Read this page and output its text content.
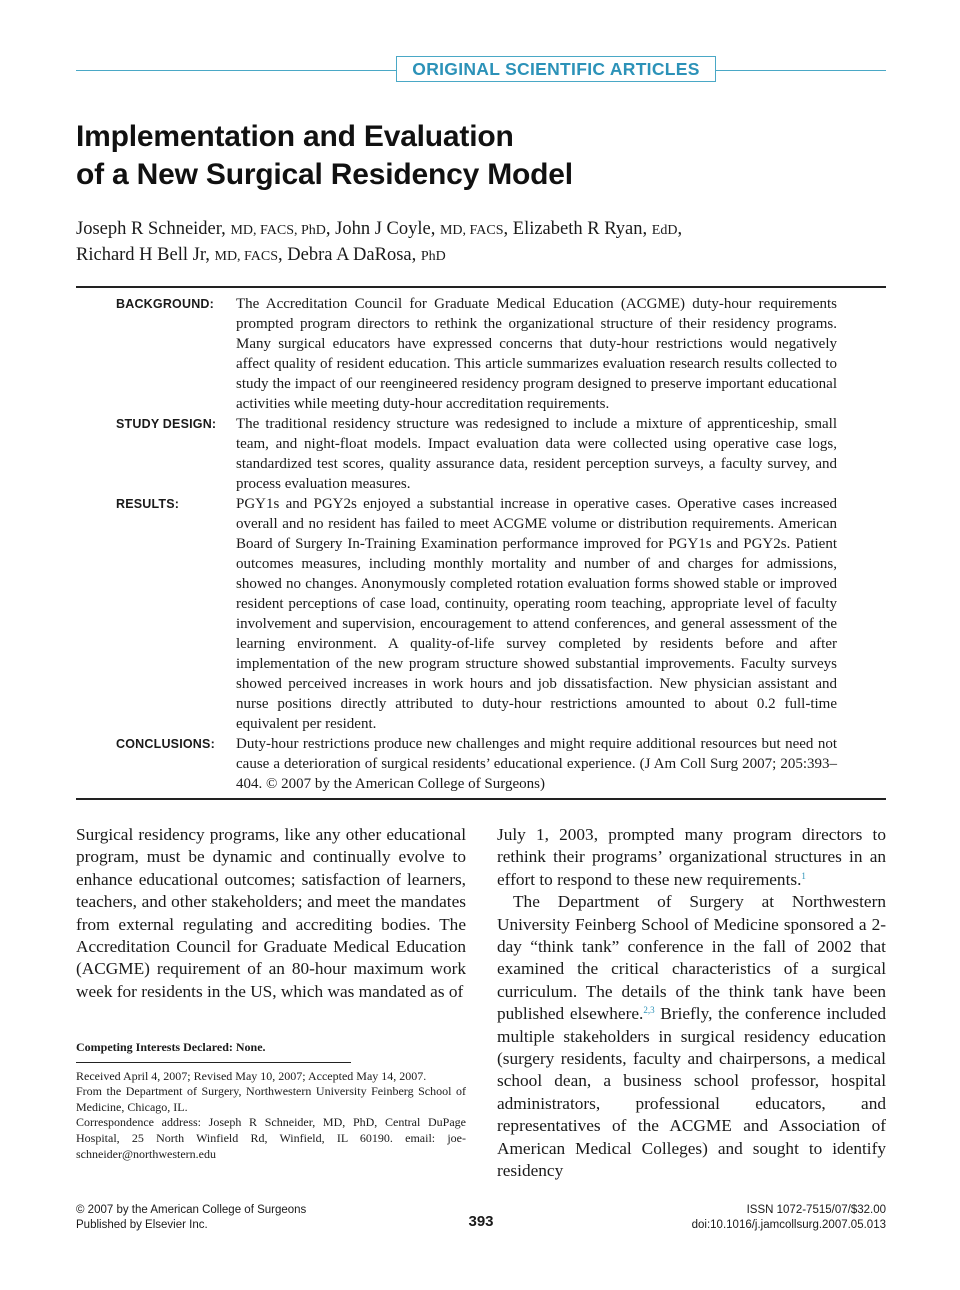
ORIGINAL SCIENTIFIC ARTICLES
Implementation and Evaluation
of a New Surgical Residency Model
Joseph R Schneider, MD, FACS, PhD, John J Coyle, MD, FACS, Elizabeth R Ryan, EdD,
Richard H Bell Jr, MD, FACS, Debra A DaRosa, PhD
BACKGROUND: The Accreditation Council for Graduate Medical Education (ACGME) duty-hour requirements prompted program directors to rethink the organizational structure of their residency programs. Many surgical educators have expressed concerns that duty-hour restrictions would negatively affect quality of resident education. This article summarizes evaluation research results collected to study the impact of our reengineered residency program designed to preserve important educational activities while meeting duty-hour accreditation requirements.
STUDY DESIGN: The traditional residency structure was redesigned to include a mixture of apprenticeship, small team, and night-float models. Impact evaluation data were collected using operative case logs, standardized test scores, quality assurance data, resident perception surveys, a faculty survey, and process evaluation measures.
RESULTS:	PGY1s and PGY2s enjoyed a substantial increase in operative cases. Operative cases increased overall and no resident has failed to meet ACGME volume or distribution requirements. American Board of Surgery In-Training Examination performance improved for PGY1s and PGY2s. Patient outcomes measures, including monthly mortality and number of and charges for admissions, showed no changes. Anonymously completed rotation evaluation forms showed stable or improved resident perceptions of case load, continuity, operating room teaching, appropriate level of faculty involvement and supervision, encouragement to attend conferences, and general assessment of the learning environment. A quality-of-life survey completed by residents before and after implementation of the new program structure showed substantial improvements. Faculty surveys showed perceived increases in work hours and job dissatisfaction. New physician assistant and nurse positions directly attributed to duty-hour restrictions amounted to about 0.2 full-time equivalent per resident.
CONCLUSIONS: Duty-hour restrictions produce new challenges and might require additional resources but need not cause a deterioration of surgical residents’ educational experience. (J Am Coll Surg 2007; 205:393–404. © 2007 by the American College of Surgeons)
Surgical residency programs, like any other educational program, must be dynamic and continually evolve to enhance educational outcomes; satisfaction of learners, teachers, and other stakeholders; and meet the mandates from external regulating and accrediting bodies. The Accreditation Council for Graduate Medical Education (ACGME) requirement of an 80-hour maximum work week for residents in the US, which was mandated as of

July 1, 2003, prompted many program directors to rethink their programs’ organizational structures in an effort to respond to these new requirements.$^1$

The Department of Surgery at Northwestern University Feinberg School of Medicine sponsored a 2-day “think tank” conference in the fall of 2002 that examined the critical characteristics of a surgical curriculum. The details of the think tank have been published elsewhere.$^{2,3}$ Briefly, the conference included multiple stakeholders in surgical residency education (surgery residents, faculty and chairpersons, a medical school dean, a business school professor, hospital administrators, professional educators, and representatives of the ACGME and Association of American Medical Colleges) and sought to identify residency

Competing Interests Declared: None.

Received April 4, 2007; Revised May 10, 2007; Accepted May 14, 2007.

From the Department of Surgery, Northwestern University Feinberg School of Medicine, Chicago, IL.

Correspondence address: Joseph R Schneider, MD, PhD, Central DuPage Hospital, 25 North Winfield Rd, Winfield, IL 60190. email: joe-schneider@northwestern.edu

© 2007 by the American College of Surgeons
Published by Elsevier Inc.	393
ISSN 1072-7515/07/$32.00
doi:10.1016/j.jamcollsurg.2007.05.013
